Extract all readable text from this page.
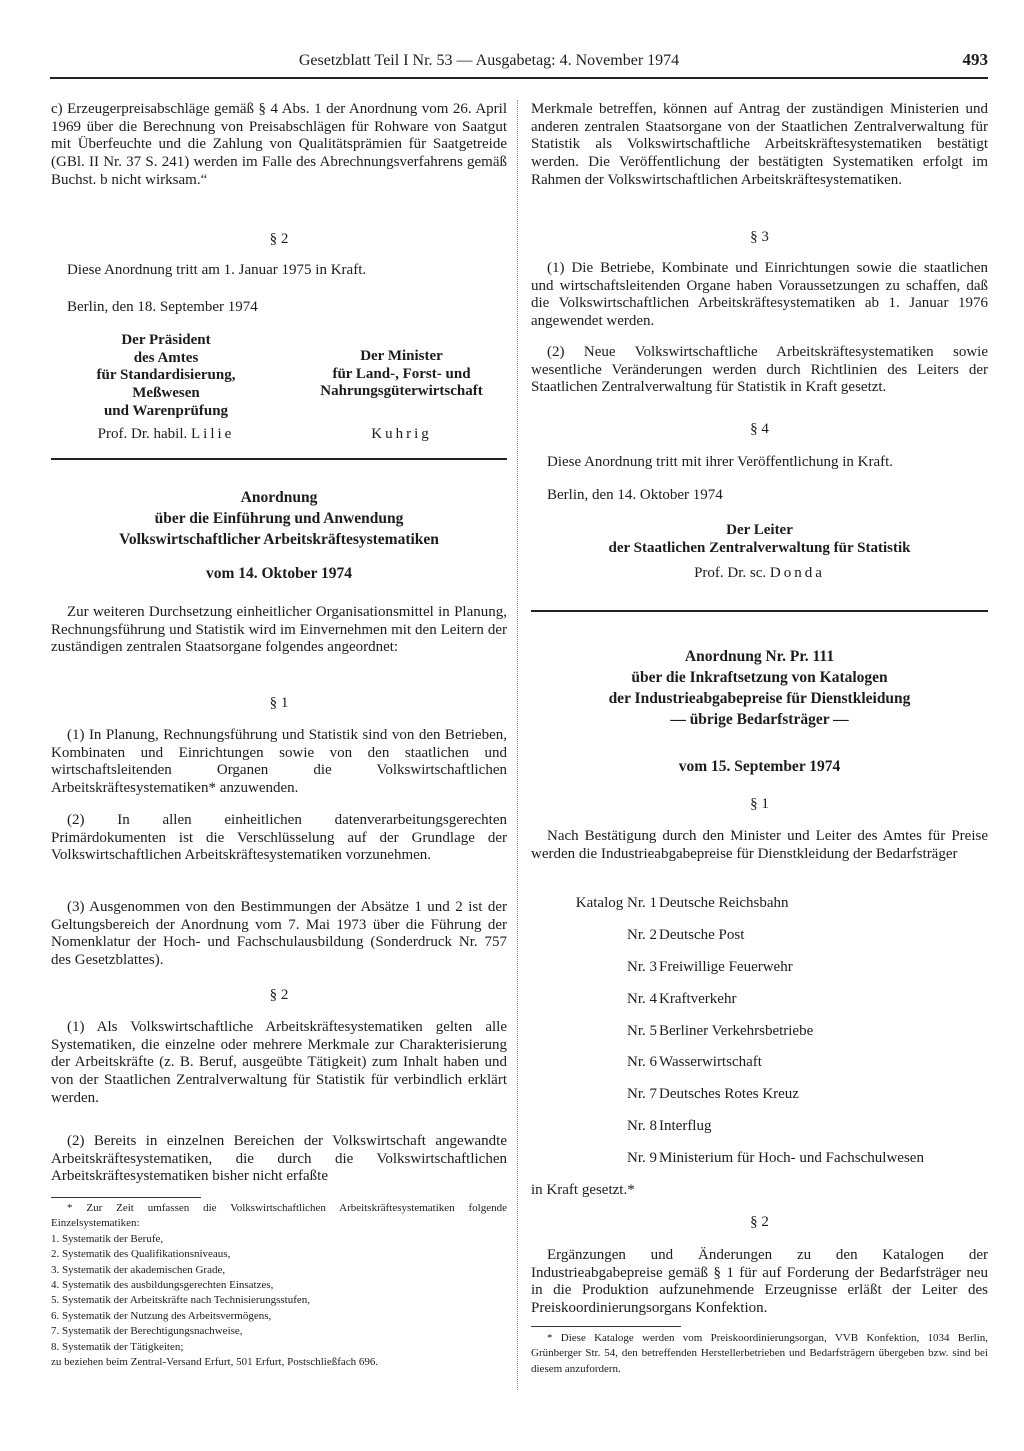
Gesetzblatt Teil I Nr. 53 — Ausgabetag: 4. November 1974	493

c) Erzeugerpreisabschläge gemäß § 4 Abs. 1 der Anordnung vom 26. April 1969 über die Berechnung von Preisabschlägen für Rohware von Saatgut mit Überfeuchte und die Zahlung von Qualitätsprämien für Saatgetreide (GBl. II Nr. 37 S. 241) werden im Falle des Abrechnungsverfahrens gemäß Buchst. b nicht wirksam.“

§ 2

Diese Anordnung tritt am 1. Januar 1975 in Kraft.

Berlin, den 18. September 1974

Der Präsident
des Amtes
für Standardisierung,
Meßwesen
und Warenprüfung
Prof. Dr. habil. Lilie
Der Minister
für Land-, Forst- und
Nahrungsgüterwirtschaft
Kuhrig
Anordnung
über die Einführung und Anwendung
Volkswirtschaftlicher Arbeitskräftesystematiken
vom 14. Oktober 1974

Zur weiteren Durchsetzung einheitlicher Organisationsmittel in Planung, Rechnungsführung und Statistik wird im Einvernehmen mit den Leitern der zuständigen zentralen Staatsorgane folgendes angeordnet:

§ 1

(1) In Planung, Rechnungsführung und Statistik sind von den Betrieben, Kombinaten und Einrichtungen sowie von den staatlichen und wirtschaftsleitenden Organen die Volkswirtschaftlichen Arbeitskräftesystematiken* anzuwenden.

(2) In allen einheitlichen datenverarbeitungsgerechten Primärdokumenten ist die Verschlüsselung auf der Grundlage der Volkswirtschaftlichen Arbeitskräftesystematiken vorzunehmen.

(3) Ausgenommen von den Bestimmungen der Absätze 1 und 2 ist der Geltungsbereich der Anordnung vom 7. Mai 1973 über die Führung der Nomenklatur der Hoch- und Fachschulausbildung (Sonderdruck Nr. 757 des Gesetzblattes).

§ 2

(1) Als Volkswirtschaftliche Arbeitskräftesystematiken gelten alle Systematiken, die einzelne oder mehrere Merkmale zur Charakterisierung der Arbeitskräfte (z. B. Beruf, ausgeübte Tätigkeit) zum Inhalt haben und von der Staatlichen Zentralverwaltung für Statistik für verbindlich erklärt werden.

(2) Bereits in einzelnen Bereichen der Volkswirtschaft angewandte Arbeitskräftesystematiken, die durch die Volkswirtschaftlichen Arbeitskräftesystematiken bisher nicht erfaßte

* Zur Zeit umfassen die Volkswirtschaftlichen Arbeitskräftesystematiken folgende Einzelsystematiken:

1. Systematik der Berufe,
2. Systematik des Qualifikationsniveaus,
3. Systematik der akademischen Grade,
4. Systematik des ausbildungsgerechten Einsatzes,
5. Systematik der Arbeitskräfte nach Technisierungsstufen,
6. Systematik der Nutzung des Arbeitsvermögens,
7. Systematik der Berechtigungsnachweise,
8. Systematik der Tätigkeiten;

zu beziehen beim Zentral-Versand Erfurt, 501 Erfurt, Postschließfach 696.

Merkmale betreffen, können auf Antrag der zuständigen Ministerien und anderen zentralen Staatsorgane von der Staatlichen Zentralverwaltung für Statistik als Volkswirtschaftliche Arbeitskräftesystematiken bestätigt werden. Die Veröffentlichung der bestätigten Systematiken erfolgt im Rahmen der Volkswirtschaftlichen Arbeitskräftesystematiken.

§ 3

(1) Die Betriebe, Kombinate und Einrichtungen sowie die staatlichen und wirtschaftsleitenden Organe haben Voraussetzungen zu schaffen, daß die Volkswirtschaftlichen Arbeitskräftesystematiken ab 1. Januar 1976 angewendet werden.

(2) Neue Volkswirtschaftliche Arbeitskräftesystematiken sowie wesentliche Veränderungen werden durch Richtlinien des Leiters der Staatlichen Zentralverwaltung für Statistik in Kraft gesetzt.

§ 4

Diese Anordnung tritt mit ihrer Veröffentlichung in Kraft.

Berlin, den 14. Oktober 1974

Der Leiter
der Staatlichen Zentralverwaltung für Statistik
Prof. Dr. sc. Donda
Anordnung Nr. Pr. 111
über die Inkraftsetzung von Katalogen
der Industrieabgabepreise für Dienstkleidung
— übrige Bedarfsträger —
vom 15. September 1974
§ 1

Nach Bestätigung durch den Minister und Leiter des Amtes für Preise werden die Industrieabgabepreise für Dienstkleidung der Bedarfsträger

Katalog Nr. 1 Deutsche Reichsbahn
Nr. 2 Deutsche Post
Nr. 3 Freiwillige Feuerwehr
Nr. 4 Kraftverkehr
Nr. 5 Berliner Verkehrsbetriebe
Nr. 6 Wasserwirtschaft
Nr. 7 Deutsches Rotes Kreuz
Nr. 8 Interflug
Nr. 9 Ministerium für Hoch- und Fachschulwesen

in Kraft gesetzt.*

§ 2

Ergänzungen und Änderungen zu den Katalogen der Industrieabgabepreise gemäß § 1 für auf Forderung der Bedarfsträger neu in die Produktion aufzunehmende Erzeugnisse erläßt der Leiter des Preiskoordinierungsorgans Konfektion.

* Diese Kataloge werden vom Preiskoordinierungsorgan, VVB Konfektion, 1034 Berlin, Grünberger Str. 54, den betreffenden Herstellerbetrieben und Bedarfsträgern übergeben bzw. sind bei diesem anzufordern.
